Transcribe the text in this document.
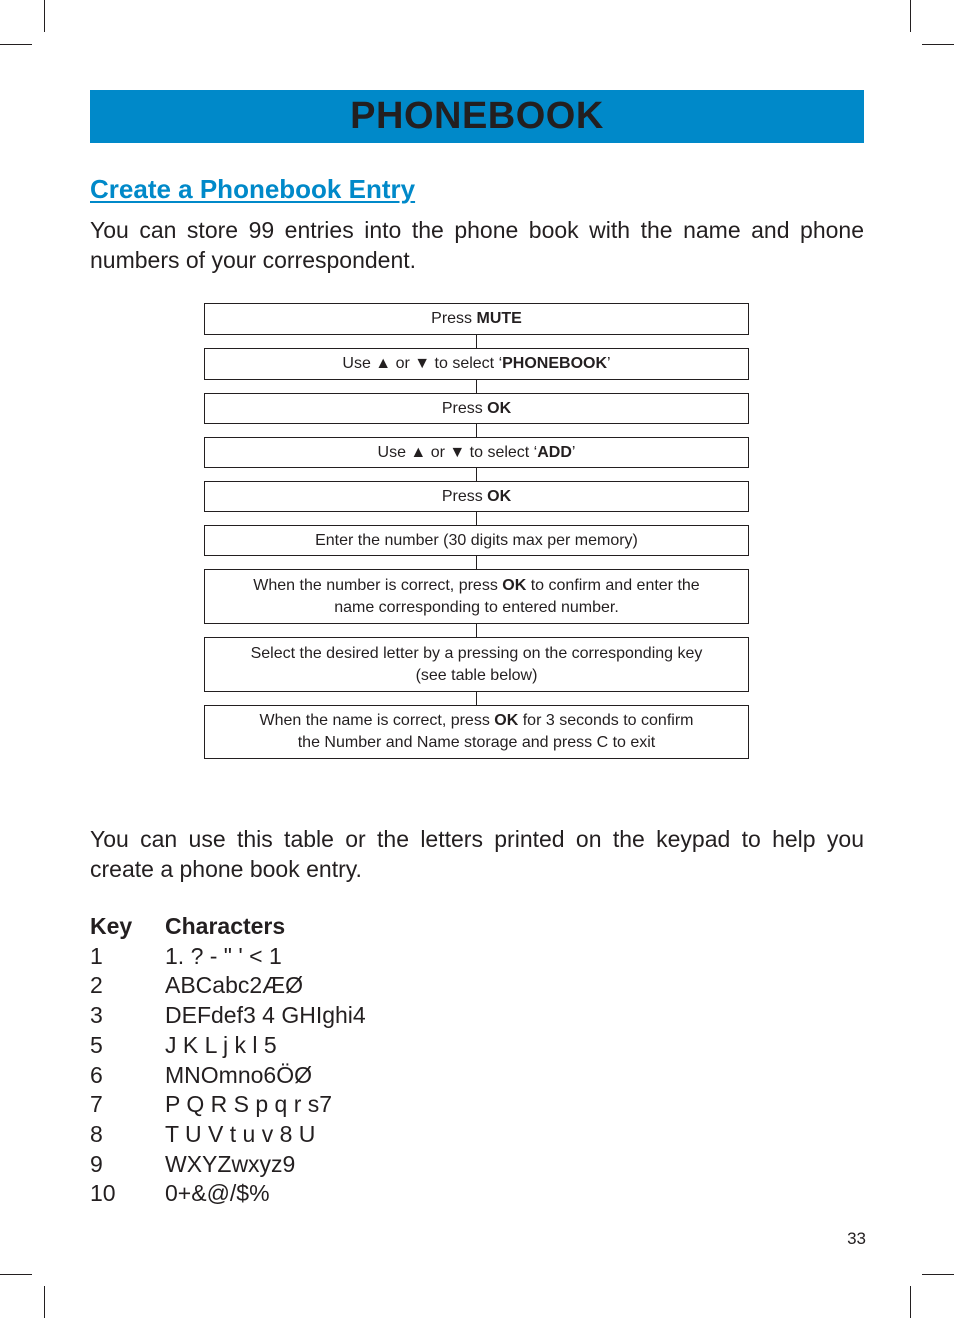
PHONEBOOK
Create a Phonebook Entry

You can store 99 entries into the phone book with the name and phone numbers of your correspondent.

Press MUTE
Use ▲ or ▼ to select ‘PHONEBOOK’
Press OK
Use ▲ or ▼ to select ‘ADD’
Press OK
Enter the number (30 digits max per memory)
When the number is correct, press OK to confirm and enter the
name corresponding to entered number.
Select the desired letter by a pressing on the corresponding key
(see table below)
When the name is correct, press OK for 3 seconds to confirm
the Number and Name storage and press C to exit

You can use this table or the letters printed on the keypad to help you create a phone book entry.

Key	Characters
1	1. ? - " ' < 1
2	ABCabc2ÆØ
3	DEFdef3 4 GHIghi4
5	J K L j k l 5
6	MNOmno6ÖØ
7	P Q R S p q r s7
8	T U V t u v 8 U
9	WXYZwxyz9
10	0+&@/$%
33
